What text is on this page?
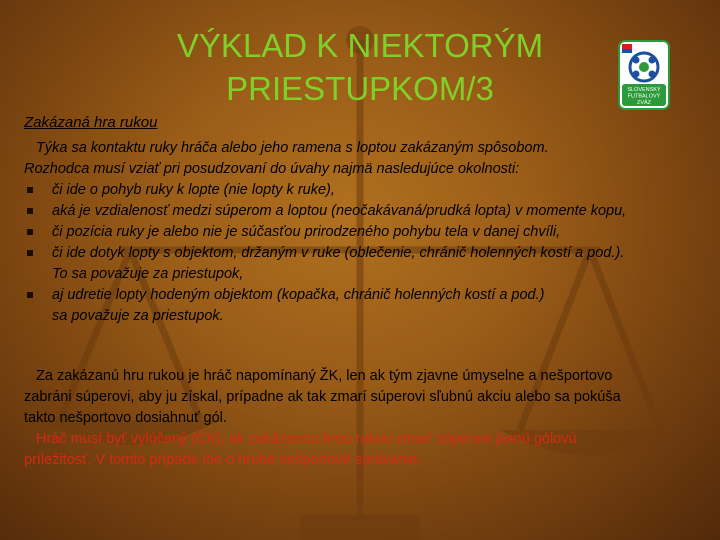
VÝKLAD K NIEKTORÝM
PRIESTUPKOM/3	SLOVENSKÝ
FUTBALOVÝ
ZVÄZ
Zakázaná hra rukou
Týka sa kontaktu ruky hráča alebo jeho ramena s loptou zakázaným spôsobom.
Rozhodca musí vziať pri posudzovaní do úvahy najmä nasledujúce okolnosti:
či ide o pohyb ruky k lopte (nie lopty k ruke),
aká je vzdialenosť medzi súperom a loptou (neočakávaná/prudká lopta) v momente kopu,
či pozícia ruky je alebo nie je súčasťou prirodzeného pohybu tela v danej chvíli,
či ide dotyk lopty s objektom, držaným v ruke (oblečenie, chránič holenných kostí a pod.).
To sa považuje za priestupok,
aj udretie lopty hodeným objektom (kopačka, chránič holenných kostí a pod.)
sa považuje za priestupok.

Za zakázanú hru rukou je hráč napomínaný ŽK, len ak tým zjavne úmyselne a nešportovo

zabráni súperovi, aby ju získal, prípadne ak tak zmarí súperovi sľubnú akciu alebo sa pokúša

takto nešportovo dosiahnuť gól.

Hráč musí byť vylúčený (ČK), ak zakázanou hrou rukou zmarí súperovi jasnú gólovú

príležitosť. V tomto prípade ide o hrubé nešportové správanie.
